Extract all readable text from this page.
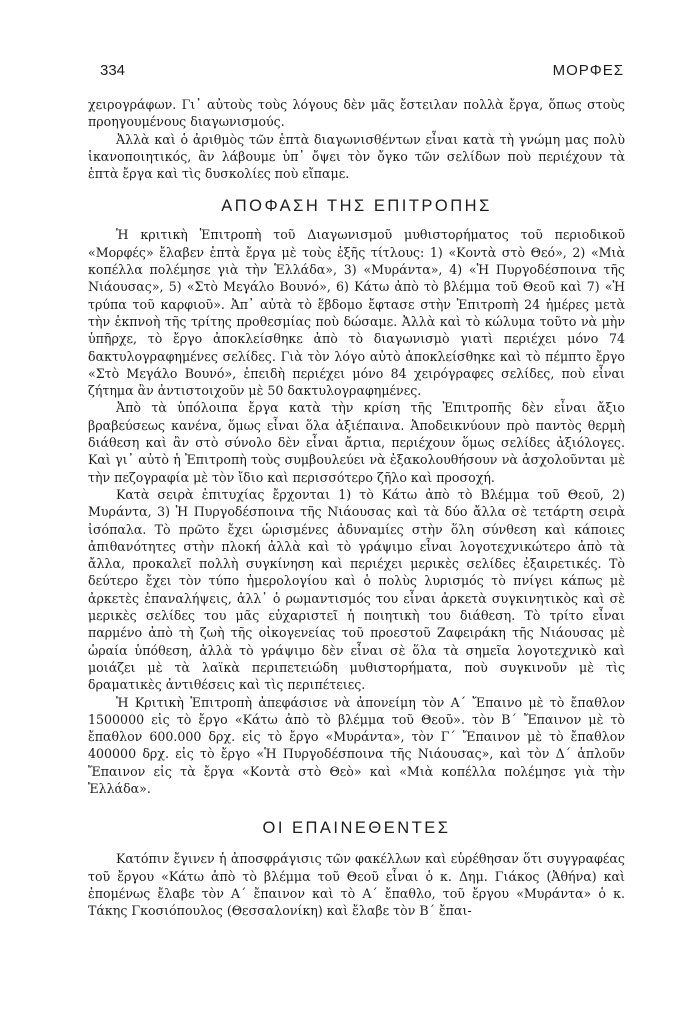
334	ΜΟΡΦΕΣ

χειρογράφων. Γι᾽ αὐτοὺς τοὺς λόγους δὲν μᾶς ἔστειλαν πολλὰ ἔργα, ὅπως στοὺς προηγουμένους διαγωνισμούς.

Ἀλλὰ καὶ ὁ ἀριθμὸς τῶν ἑπτὰ διαγωνισθέντων εἶναι κατὰ τὴ γνώμη μας πολὺ ἱκανοποιητικός, ἂν λάβουμε ὑπ᾽ ὄψει τὸν ὄγκο τῶν σελίδων ποὺ περιέχουν τὰ ἑπτὰ ἔργα καὶ τὶς δυσκολίες ποὺ εἴπαμε.

ΑΠΟΦΑΣΗ ΤΗΣ ΕΠΙΤΡΟΠΗΣ

Ἡ κριτικὴ Ἐπιτροπὴ τοῦ Διαγωνισμοῦ μυθιστορήματος τοῦ περιοδικοῦ «Μορφές» ἔλαβεν ἑπτὰ ἔργα μὲ τοὺς ἑξῆς τίτλους: 1) «Κοντὰ στὸ Θεό», 2) «Μιὰ κοπέλλα πολέμησε γιὰ τὴν Ἑλλάδα», 3) «Μυράντα», 4) «Ἡ Πυργοδέσποινα τῆς Νιάουσας», 5) «Στὸ Μεγάλο Βουνό», 6) Κάτω ἀπὸ τὸ βλέμμα τοῦ Θεοῦ καὶ 7) «Ἡ τρύπα τοῦ καρφιοῦ». Ἀπ᾽ αὐτὰ τὸ ἕβδομο ἔφτασε στὴν Ἐπιτροπὴ 24 ἡμέρες μετὰ τὴν ἐκπνοὴ τῆς τρίτης προθεσμίας ποὺ δώσαμε. Ἀλλὰ καὶ τὸ κώλυμα τοῦτο νὰ μὴν ὑπῆρχε, τὸ ἔργο ἀποκλείσθηκε ἀπὸ τὸ διαγωνισμὸ γιατὶ περιέχει μόνο 74 δακτυλογραφημένες σελίδες. Γιὰ τὸν λόγο αὐτὸ ἀποκλείσθηκε καὶ τὸ πέμπτο ἔργο «Στὸ Μεγάλο Βουνό», ἐπειδὴ περιέχει μόνο 84 χειρόγραφες σελίδες, ποὺ εἶναι ζήτημα ἂν ἀντιστοιχοῦν μὲ 50 δακτυλογραφημένες.

Ἀπὸ τὰ ὑπόλοιπα ἔργα κατὰ τὴν κρίση τῆς Ἐπιτροπῆς δὲν εἶναι ἄξιο βραβεύσεως κανένα, ὅμως εἶναι ὅλα ἀξιέπαινα. Ἀποδεικνύουν πρὸ παντὸς θερμὴ διάθεση καὶ ἂν στὸ σύνολο δὲν εἶναι ἄρτια, περιέχουν ὅμως σελίδες ἀξιόλογες. Καὶ γι᾽ αὐτὸ ἡ Ἐπιτροπὴ τοὺς συμβουλεύει νὰ ἐξακολουθήσουν νὰ ἀσχολοῦνται μὲ τὴν πεζογραφία μὲ τὸν ἴδιο καὶ περισσότερο ζῆλο καὶ προσοχή.

Κατὰ σειρὰ ἐπιτυχίας ἔρχονται 1) τὸ Κάτω ἀπὸ τὸ Βλέμμα τοῦ Θεοῦ, 2) Μυράντα, 3) Ἡ Πυργοδέσποινα τῆς Νιάουσας καὶ τὰ δύο ἄλλα σὲ τετάρτη σειρὰ ἰσόπαλα. Τὸ πρῶτο ἔχει ὡρισμένες ἀδυναμίες στὴν ὅλη σύνθεση καὶ κάποιες ἀπιθανότητες στὴν πλοκή ἀλλὰ καὶ τὸ γράψιμο εἶναι λογοτεχνικώτερο ἀπὸ τὰ ἄλλα, προκαλεῖ πολλὴ συγκίνηση καὶ περιέχει μερικὲς σελίδες ἐξαιρετικές. Τὸ δεύτερο ἔχει τὸν τύπο ἡμερολογίου καὶ ὁ πολὺς λυρισμός τὸ πνίγει κάπως μὲ ἀρκετὲς ἐπαναλήψεις, ἀλλ᾽ ὁ ρωμαντισμός του εἶναι ἀρκετὰ συγκινητικὸς καὶ σὲ μερικὲς σελίδες του μᾶς εὐχαριστεῖ ἡ ποιητικὴ του διάθεση. Τὸ τρίτο εἶναι παρμένο ἀπὸ τὴ ζωὴ τῆς οἰκογενείας τοῦ προεστοῦ Ζαφειράκη τῆς Νιάουσας μὲ ὡραία ὑπόθεση, ἀλλὰ τὸ γράψιμο δὲν εἶναι σὲ ὅλα τὰ σημεῖα λογοτεχνικὸ καὶ μοιάζει μὲ τὰ λαϊκὰ περιπετειώδη μυθιστορήματα, ποὺ συγκινοῦν μὲ τὶς δραματικὲς ἀντιθέσεις καὶ τὶς περιπέτειες.

Ἡ Κριτικὴ Ἐπιτροπὴ ἀπεφάσισε νὰ ἀπονείμη τὸν Α´ Ἔπαινο μὲ τὸ ἔπαθλον 1500000 εἰς τὸ ἔργο «Κάτω ἀπὸ τὸ βλέμμα τοῦ Θεοῦ». τὸν Β´ Ἔπαινον μὲ τὸ ἔπαθλον 600.000 δρχ. εἰς τὸ ἔργο «Μυράντα», τὸν Γ´ Ἔπαινον μὲ τὸ ἔπαθλον 400000 δρχ. εἰς τὸ ἔργο «Ἡ Πυργοδέσποινα τῆς Νιάουσας», καὶ τὸν Δ´ ἁπλοῦν Ἔπαινον εἰς τὰ ἔργα «Κοντὰ στὸ Θεὸ» καὶ «Μιὰ κοπέλλα πολέμησε γιὰ τὴν Ἑλλάδα».

ΟΙ ΕΠΑΙΝΕΘΕΝΤΕΣ

Κατόπιν ἔγινεν ἡ ἀποσφράγισις τῶν φακέλλων καὶ εὑρέθησαν ὅτι συγγραφέας τοῦ ἔργου «Κάτω ἀπὸ τὸ βλέμμα τοῦ Θεοῦ εἶναι ὁ κ. Δημ. Γιάκος (Ἀθήνα) καὶ ἐπομένως ἔλαβε τὸν Α´ ἔπαινον καὶ τὸ Α´ ἔπαθλο, τοῦ ἔργου «Μυράντα» ὁ κ. Τάκης Γκοσιόπουλος (Θεσσαλονίκη) καὶ ἔλαβε τὸν Β´ ἔπαι-
